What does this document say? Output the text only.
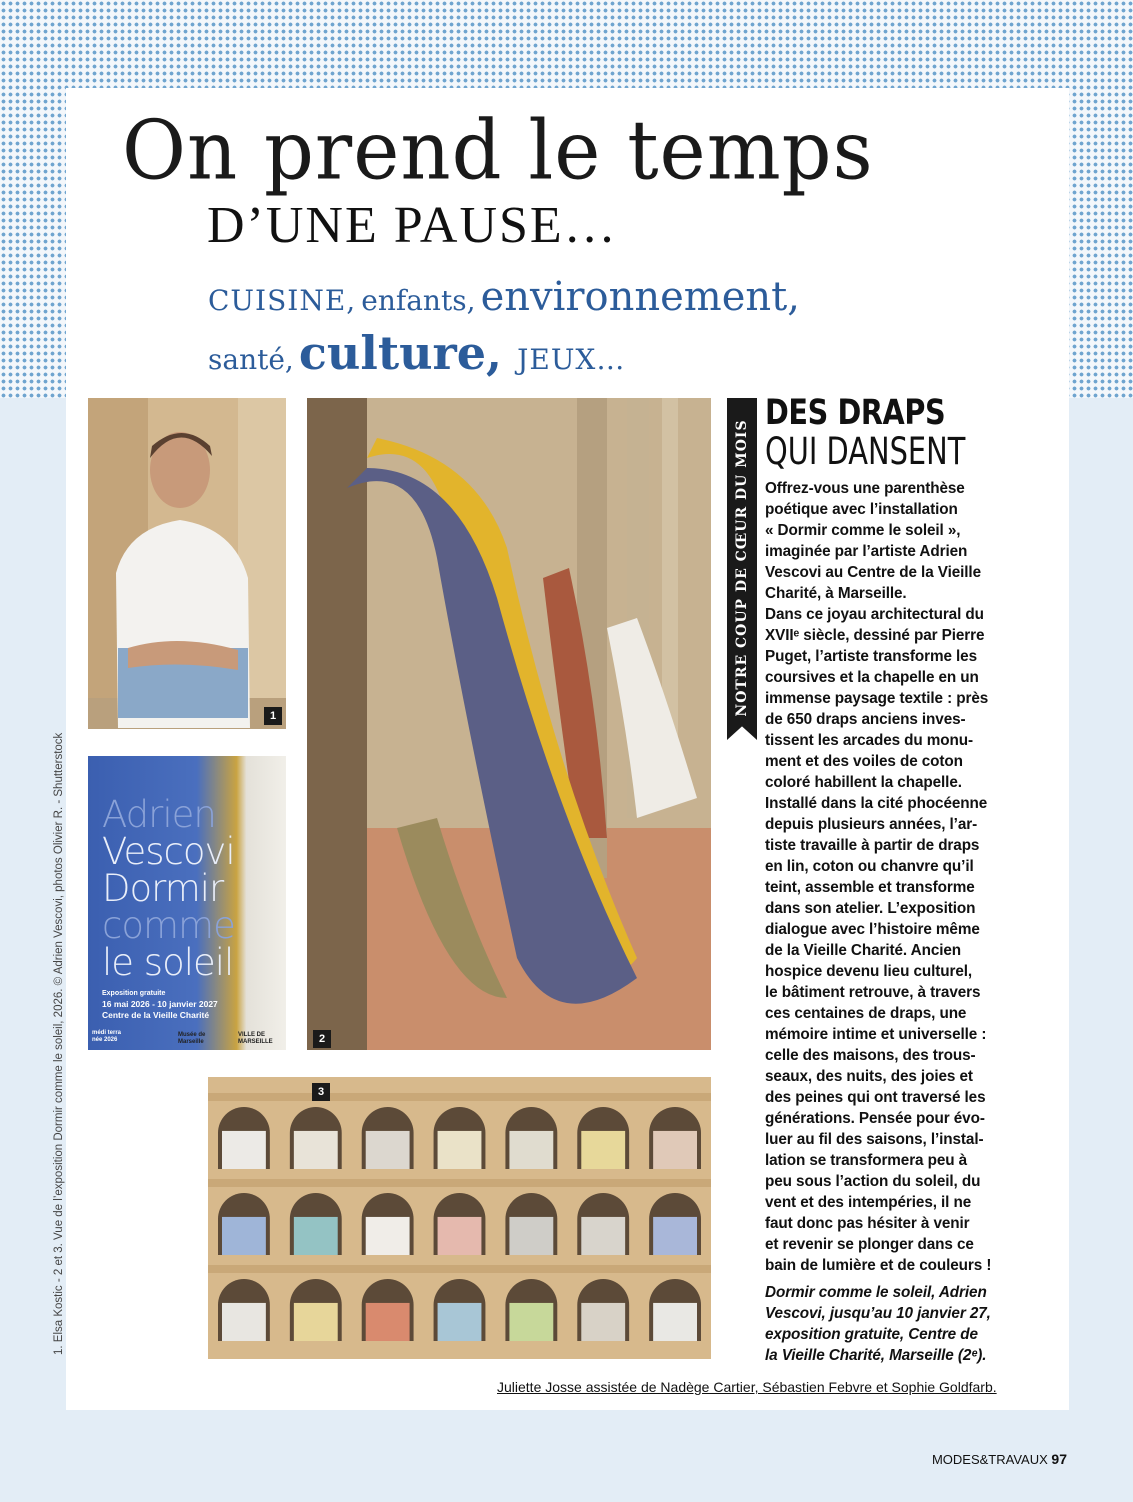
On prend le temps
D’UNE PAUSE…
CUISINE, enfants, environnement,
santé, culture, JEUX…
1
2
Adrien
Vescovi
Dormir
comme
le soleil
Exposition gratuite
16 mai 2026 - 10 janvier 2027
Centre de la Vieille Charité
médi terra née 2026
Musée de Marseille
VILLE DE MARSEILLE
3
NOTRE COUP DE CŒUR DU MOIS
DES DRAPS
QUI DANSENT

Offrez-vous une parenthèse
poétique avec l’installation
« Dormir comme le soleil »,
imaginée par l’artiste Adrien
Vescovi au Centre de la Vieille
Charité, à Marseille.
Dans ce joyau architectural du
XVIIᵉ siècle, dessiné par Pierre
Puget, l’artiste transforme les
coursives et la chapelle en un
immense paysage textile : près
de 650 draps anciens inves-
tissent les arcades du monu-
ment et des voiles de coton
coloré habillent la chapelle.
Installé dans la cité phocéenne
depuis plusieurs années, l’ar-
tiste travaille à partir de draps
en lin, coton ou chanvre qu’il
teint, assemble et transforme
dans son atelier. L’exposition
dialogue avec l’histoire même
de la Vieille Charité. Ancien
hospice devenu lieu culturel,
le bâtiment retrouve, à travers
ces centaines de draps, une
mémoire intime et universelle :
celle des maisons, des trous-
seaux, des nuits, des joies et
des peines qui ont traversé les
générations. Pensée pour évo-
luer au fil des saisons, l’instal-
lation se transformera peu à
peu sous l’action du soleil, du
vent et des intempéries, il ne
faut donc pas hésiter à venir
et revenir se plonger dans ce
bain de lumière et de couleurs !

Dormir comme le soleil, Adrien
Vescovi, jusqu’au 10 janvier 27,
exposition gratuite, Centre de
la Vieille Charité, Marseille (2ᵉ).

Juliette Josse assistée de Nadège Cartier, Sébastien Febvre et Sophie Goldfarb.
1. Elsa Kostic - 2 et 3. Vue de l’exposition Dormir comme le soleil, 2026. © Adrien Vescovi, photos Olivier R. - Shutterstock
MODES&TRAVAUX 97
